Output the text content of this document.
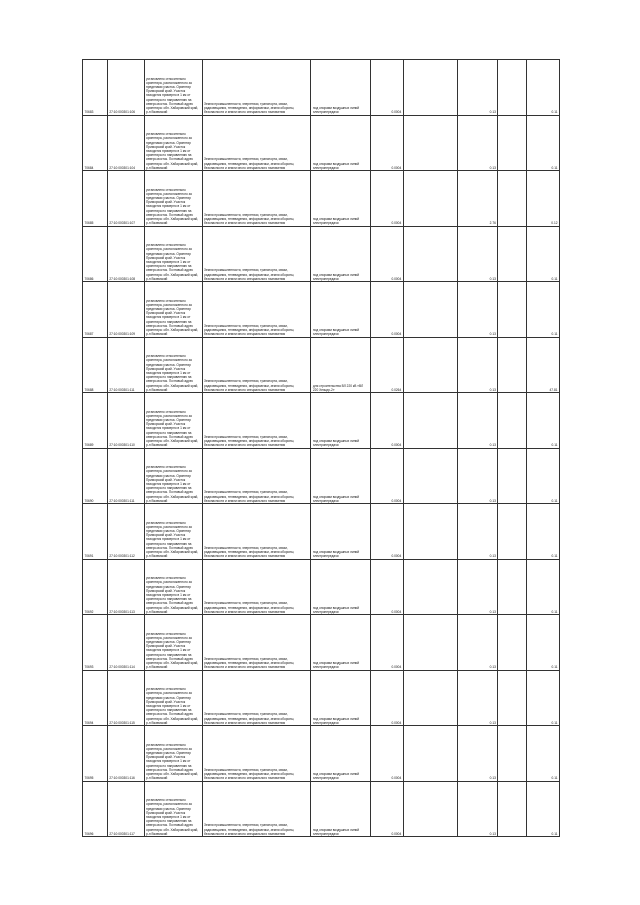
70683	27:10:000301:106	установлено относительно ориентира, расположенного за пределами участка. Ориентир Приморский край. Участок находится примерно в 1 км от ориентира по направлению на северо-восток. Почтовый адрес ориентира: обл. Хабаровский край, р-н Вяземский	Земли промышленности, энергетики, транспорта, связи, радиовещания, телевидения, информатики, земли обороны, безопасности и земли иного специального назначения	под опорами воздушных линий электропередачи	0.0004		0.13		0.11
70684	27:10:000301:104	установлено относительно ориентира, расположенного за пределами участка. Ориентир Приморский край. Участок находится примерно в 1 км от ориентира по направлению на северо-восток. Почтовый адрес ориентира: обл. Хабаровский край, р-н Вяземский	Земли промышленности, энергетики, транспорта, связи, радиовещания, телевидения, информатики, земли обороны, безопасности и земли иного специального назначения	под опорами воздушных линий электропередачи	0.0004		0.13		0.11
70685	27:10:000301:107	установлено относительно ориентира, расположенного за пределами участка. Ориентир Приморский край. Участок находится примерно в 1 км от ориентира по направлению на северо-восток. Почтовый адрес ориентира: обл. Хабаровский край, р-н Вяземский	Земли промышленности, энергетики, транспорта, связи, радиовещания, телевидения, информатики, земли обороны, безопасности и земли иного специального назначения	под опорами воздушных линий электропередачи	0.0004		2.76		0.12
70686	27:10:000301:108	установлено относительно ориентира, расположенного за пределами участка. Ориентир Приморский край. Участок находится примерно в 1 км от ориентира по направлению на северо-восток. Почтовый адрес ориентира: обл. Хабаровский край, р-н Вяземский	Земли промышленности, энергетики, транспорта, связи, радиовещания, телевидения, информатики, земли обороны, безопасности и земли иного специального назначения	под опорами воздушных линий электропередачи	0.0004		0.13		0.11
70687	27:10:000301:109	установлено относительно ориентира, расположенного за пределами участка. Ориентир Приморский край. Участок находится примерно в 1 км от ориентира по направлению на северо-восток. Почтовый адрес ориентира: обл. Хабаровский край, р-н Вяземский	Земли промышленности, энергетики, транспорта, связи, радиовещания, телевидения, информатики, земли обороны, безопасности и земли иного специального назначения	под опорами воздушных линий электропередачи	0.0004		0.13		0.11
70688	27:10:000301:111	установлено относительно ориентира, расположенного за пределами участка. Ориентир Приморский край. Участок находится примерно в 1 км от ориентира по направлению на северо-восток. Почтовый адрес ориентира: обл. Хабаровский край, р-н Вяземский	Земли промышленности, энергетики, транспорта, связи, радиовещания, телевидения, информатики, земли обороны, безопасности и земли иного специального назначения	для строительства ВЛ 220 кВ «ВЛ 220 Хехцир-2»	0.0264		0.13		47.81
70689	27:10:000301:110	установлено относительно ориентира, расположенного за пределами участка. Ориентир Приморский край. Участок находится примерно в 1 км от ориентира по направлению на северо-восток. Почтовый адрес ориентира: обл. Хабаровский край, р-н Вяземский	Земли промышленности, энергетики, транспорта, связи, радиовещания, телевидения, информатики, земли обороны, безопасности и земли иного специального назначения	под опорами воздушных линий электропередачи	0.0004		0.13		0.11
70690	27:10:000301:111	установлено относительно ориентира, расположенного за пределами участка. Ориентир Приморский край. Участок находится примерно в 1 км от ориентира по направлению на северо-восток. Почтовый адрес ориентира: обл. Хабаровский край, р-н Вяземский	Земли промышленности, энергетики, транспорта, связи, радиовещания, телевидения, информатики, земли обороны, безопасности и земли иного специального назначения	под опорами воздушных линий электропередачи	0.0004		0.13		0.11
70691	27:10:000301:112	установлено относительно ориентира, расположенного за пределами участка. Ориентир Приморский край. Участок находится примерно в 1 км от ориентира по направлению на северо-восток. Почтовый адрес ориентира: обл. Хабаровский край, р-н Вяземский	Земли промышленности, энергетики, транспорта, связи, радиовещания, телевидения, информатики, земли обороны, безопасности и земли иного специального назначения	под опорами воздушных линий электропередачи	0.0004		0.13		0.11
70692	27:10:000301:113	установлено относительно ориентира, расположенного за пределами участка. Ориентир Приморский край. Участок находится примерно в 1 км от ориентира по направлению на северо-восток. Почтовый адрес ориентира: обл. Хабаровский край, р-н Вяземский	Земли промышленности, энергетики, транспорта, связи, радиовещания, телевидения, информатики, земли обороны, безопасности и земли иного специального назначения	под опорами воздушных линий электропередачи	0.0004		0.13		0.11
70693	27:10:000301:114	установлено относительно ориентира, расположенного за пределами участка. Ориентир Приморский край. Участок находится примерно в 1 км от ориентира по направлению на северо-восток. Почтовый адрес ориентира: обл. Хабаровский край, р-н Вяземский	Земли промышленности, энергетики, транспорта, связи, радиовещания, телевидения, информатики, земли обороны, безопасности и земли иного специального назначения	под опорами воздушных линий электропередачи	0.0004		0.13		0.11
70694	27:10:000301:115	установлено относительно ориентира, расположенного за пределами участка. Ориентир Приморский край. Участок находится примерно в 1 км от ориентира по направлению на северо-восток. Почтовый адрес ориентира: обл. Хабаровский край, р-н Вяземский	Земли промышленности, энергетики, транспорта, связи, радиовещания, телевидения, информатики, земли обороны, безопасности и земли иного специального назначения	под опорами воздушных линий электропередачи	0.0004		0.13		0.11
70695	27:10:000301:116	установлено относительно ориентира, расположенного за пределами участка. Ориентир Приморский край. Участок находится примерно в 1 км от ориентира по направлению на северо-восток. Почтовый адрес ориентира: обл. Хабаровский край, р-н Вяземский	Земли промышленности, энергетики, транспорта, связи, радиовещания, телевидения, информатики, земли обороны, безопасности и земли иного специального назначения	под опорами воздушных линий электропередачи	0.0004		0.13		0.11
70696	27:10:000301:117	установлено относительно ориентира, расположенного за пределами участка. Ориентир Приморский край. Участок находится примерно в 1 км от ориентира по направлению на северо-восток. Почтовый адрес ориентира: обл. Хабаровский край, р-н Вяземский	Земли промышленности, энергетики, транспорта, связи, радиовещания, телевидения, информатики, земли обороны, безопасности и земли иного специального назначения	под опорами воздушных линий электропередачи	0.0004		0.13		0.11
